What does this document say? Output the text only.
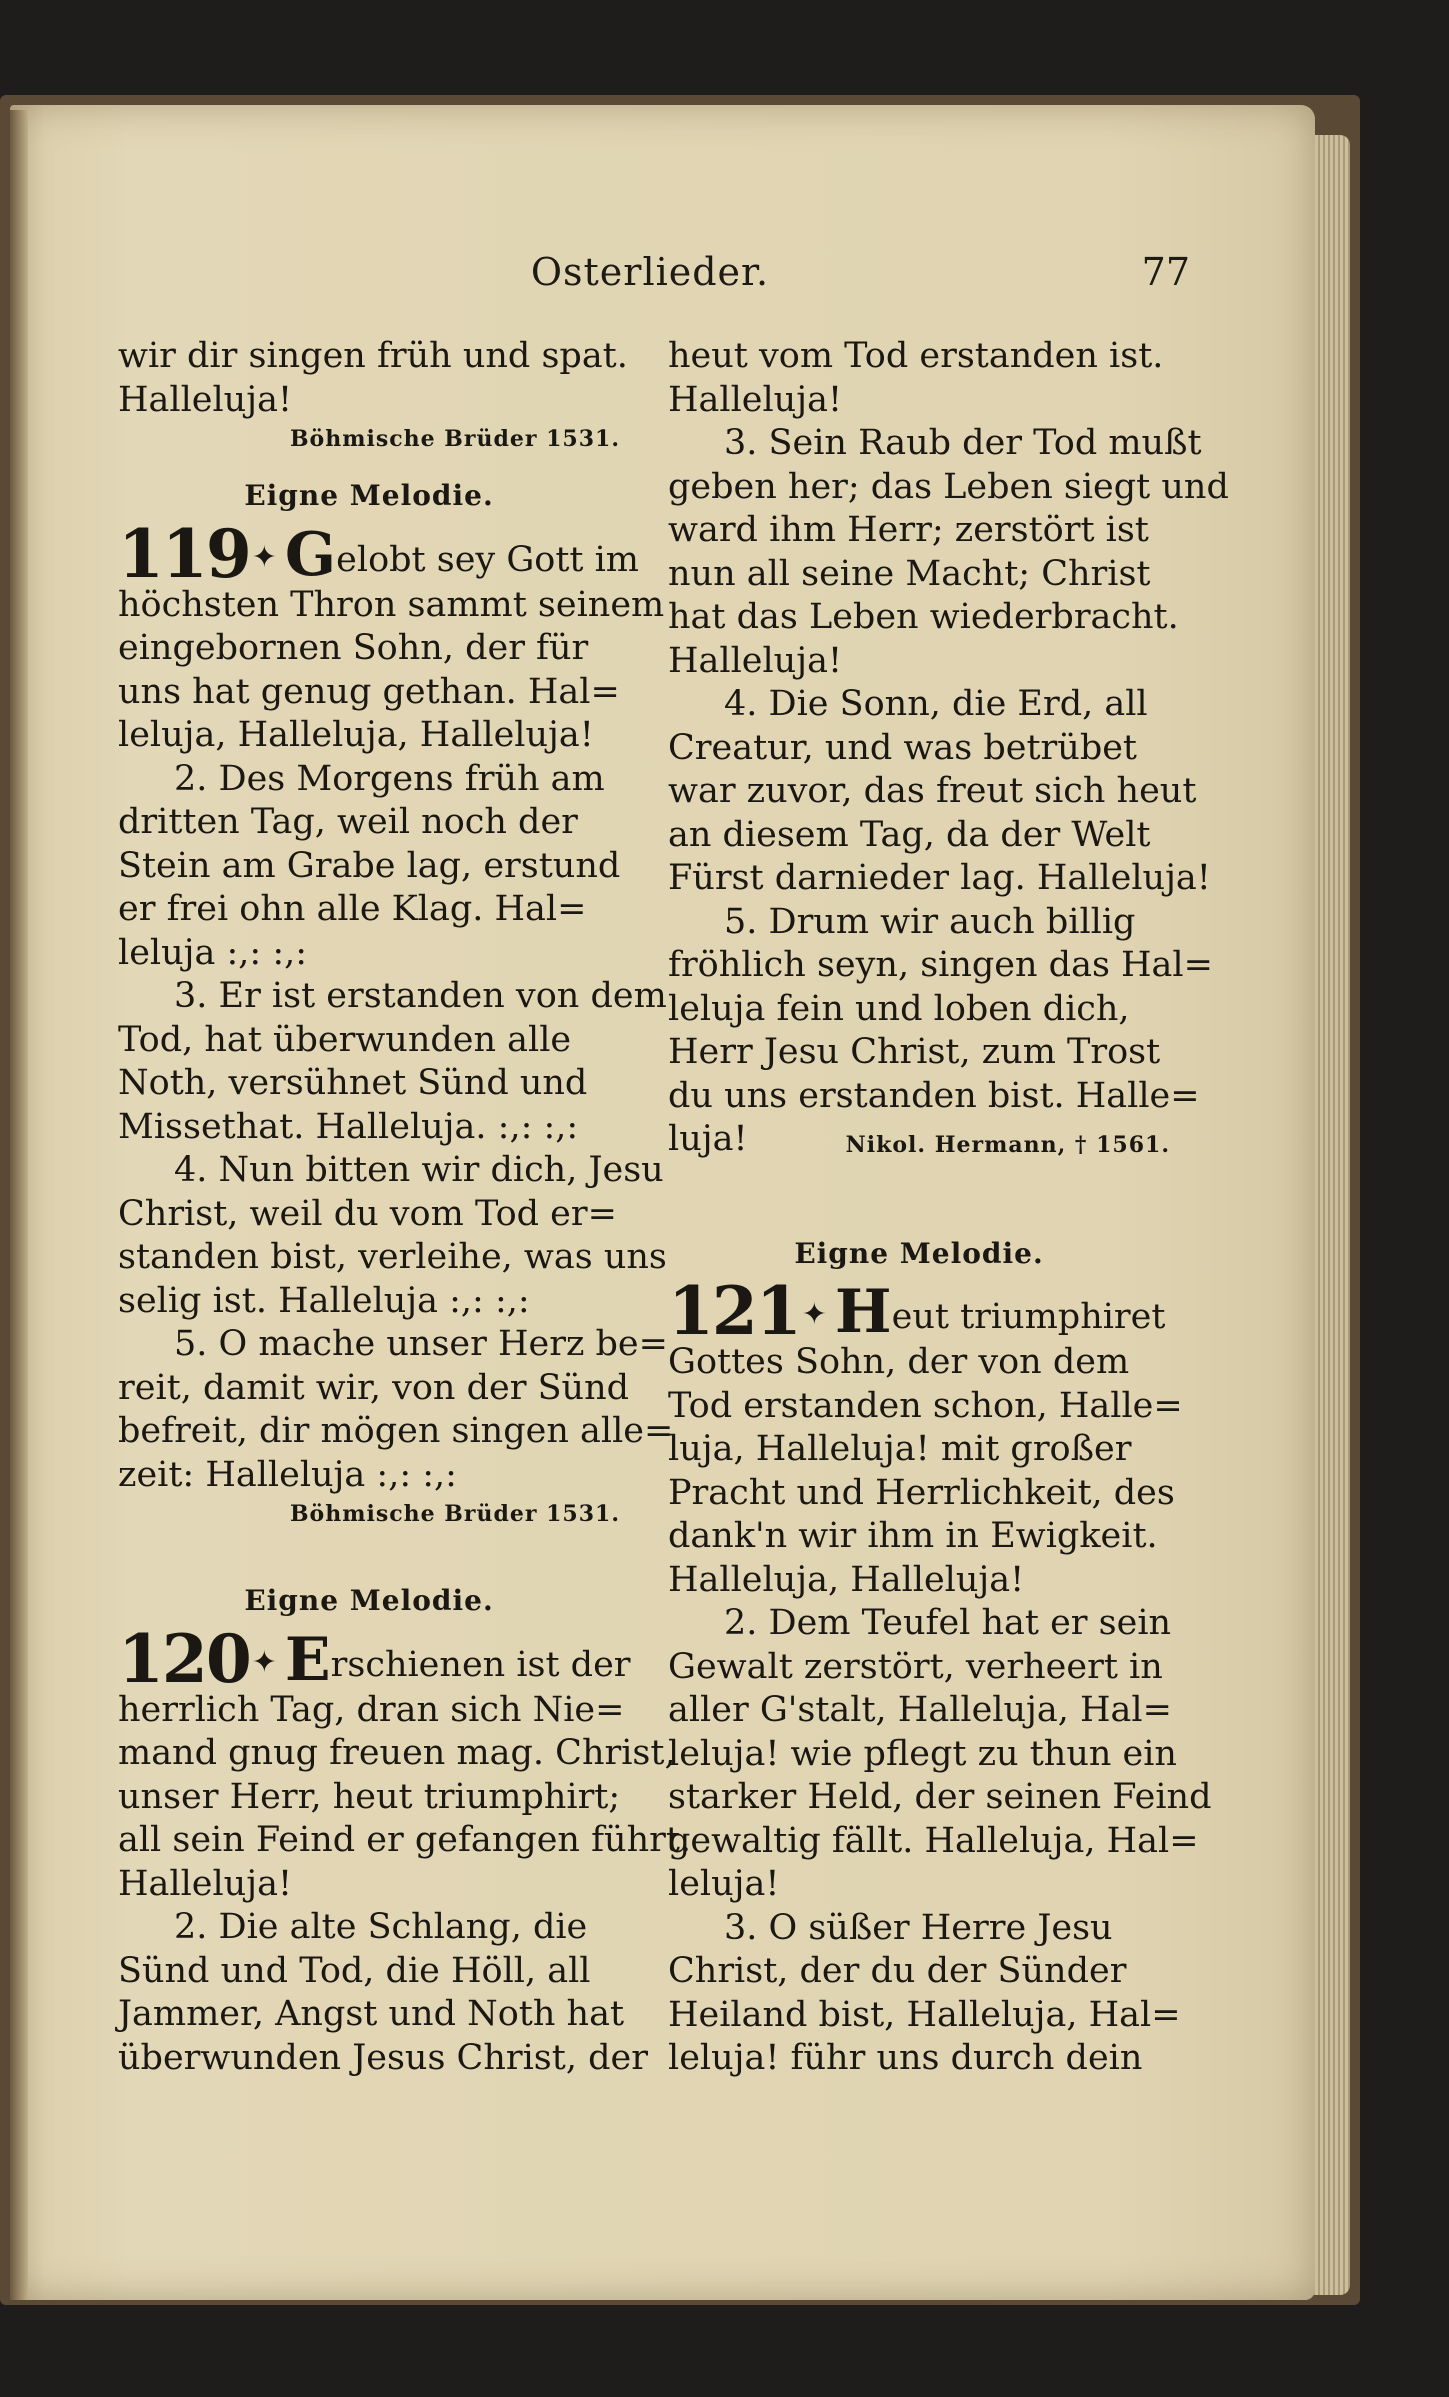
Osterlieder.	77
wir dir singen früh und spat.
Halleluja!
Böhmische Brüder 1531.
Eigne Melodie.
119✦ Gelobt sey Gott im
höchsten Thron sammt seinem
eingebornen Sohn, der für
uns hat genug gethan. Hal=
leluja, Halleluja, Halleluja!
2. Des Morgens früh am
dritten Tag, weil noch der
Stein am Grabe lag, erstund
er frei ohn alle Klag. Hal=
leluja :,: :,:
3. Er ist erstanden von dem
Tod, hat überwunden alle
Noth, versühnet Sünd und
Missethat. Halleluja. :,: :,:
4. Nun bitten wir dich, Jesu
Christ, weil du vom Tod er=
standen bist, verleihe, was uns
selig ist. Halleluja :,: :,:
5. O mache unser Herz be=
reit, damit wir, von der Sünd
befreit, dir mögen singen alle=
zeit: Halleluja :,: :,:
Böhmische Brüder 1531.
Eigne Melodie.
120✦ Erschienen ist der
herrlich Tag, dran sich Nie=
mand gnug freuen mag. Christ,
unser Herr, heut triumphirt;
all sein Feind er gefangen führt.
Halleluja!
2. Die alte Schlang, die
Sünd und Tod, die Höll, all
Jammer, Angst und Noth hat
überwunden Jesus Christ, der
heut vom Tod erstanden ist.
Halleluja!
3. Sein Raub der Tod mußt
geben her; das Leben siegt und
ward ihm Herr; zerstört ist
nun all seine Macht; Christ
hat das Leben wiederbracht.
Halleluja!
4. Die Sonn, die Erd, all
Creatur, und was betrübet
war zuvor, das freut sich heut
an diesem Tag, da der Welt
Fürst darnieder lag. Halleluja!
5. Drum wir auch billig
fröhlich seyn, singen das Hal=
leluja fein und loben dich,
Herr Jesu Christ, zum Trost
du uns erstanden bist. Halle=
luja!	Nikol. Hermann, † 1561.
Eigne Melodie.
121✦ Heut triumphiret
Gottes Sohn, der von dem
Tod erstanden schon, Halle=
luja, Halleluja! mit großer
Pracht und Herrlichkeit, des
dank'n wir ihm in Ewigkeit.
Halleluja, Halleluja!
2. Dem Teufel hat er sein
Gewalt zerstört, verheert in
aller G'stalt, Halleluja, Hal=
leluja! wie pflegt zu thun ein
starker Held, der seinen Feind
gewaltig fällt. Halleluja, Hal=
leluja!
3. O süßer Herre Jesu
Christ, der du der Sünder
Heiland bist, Halleluja, Hal=
leluja! führ uns durch dein
